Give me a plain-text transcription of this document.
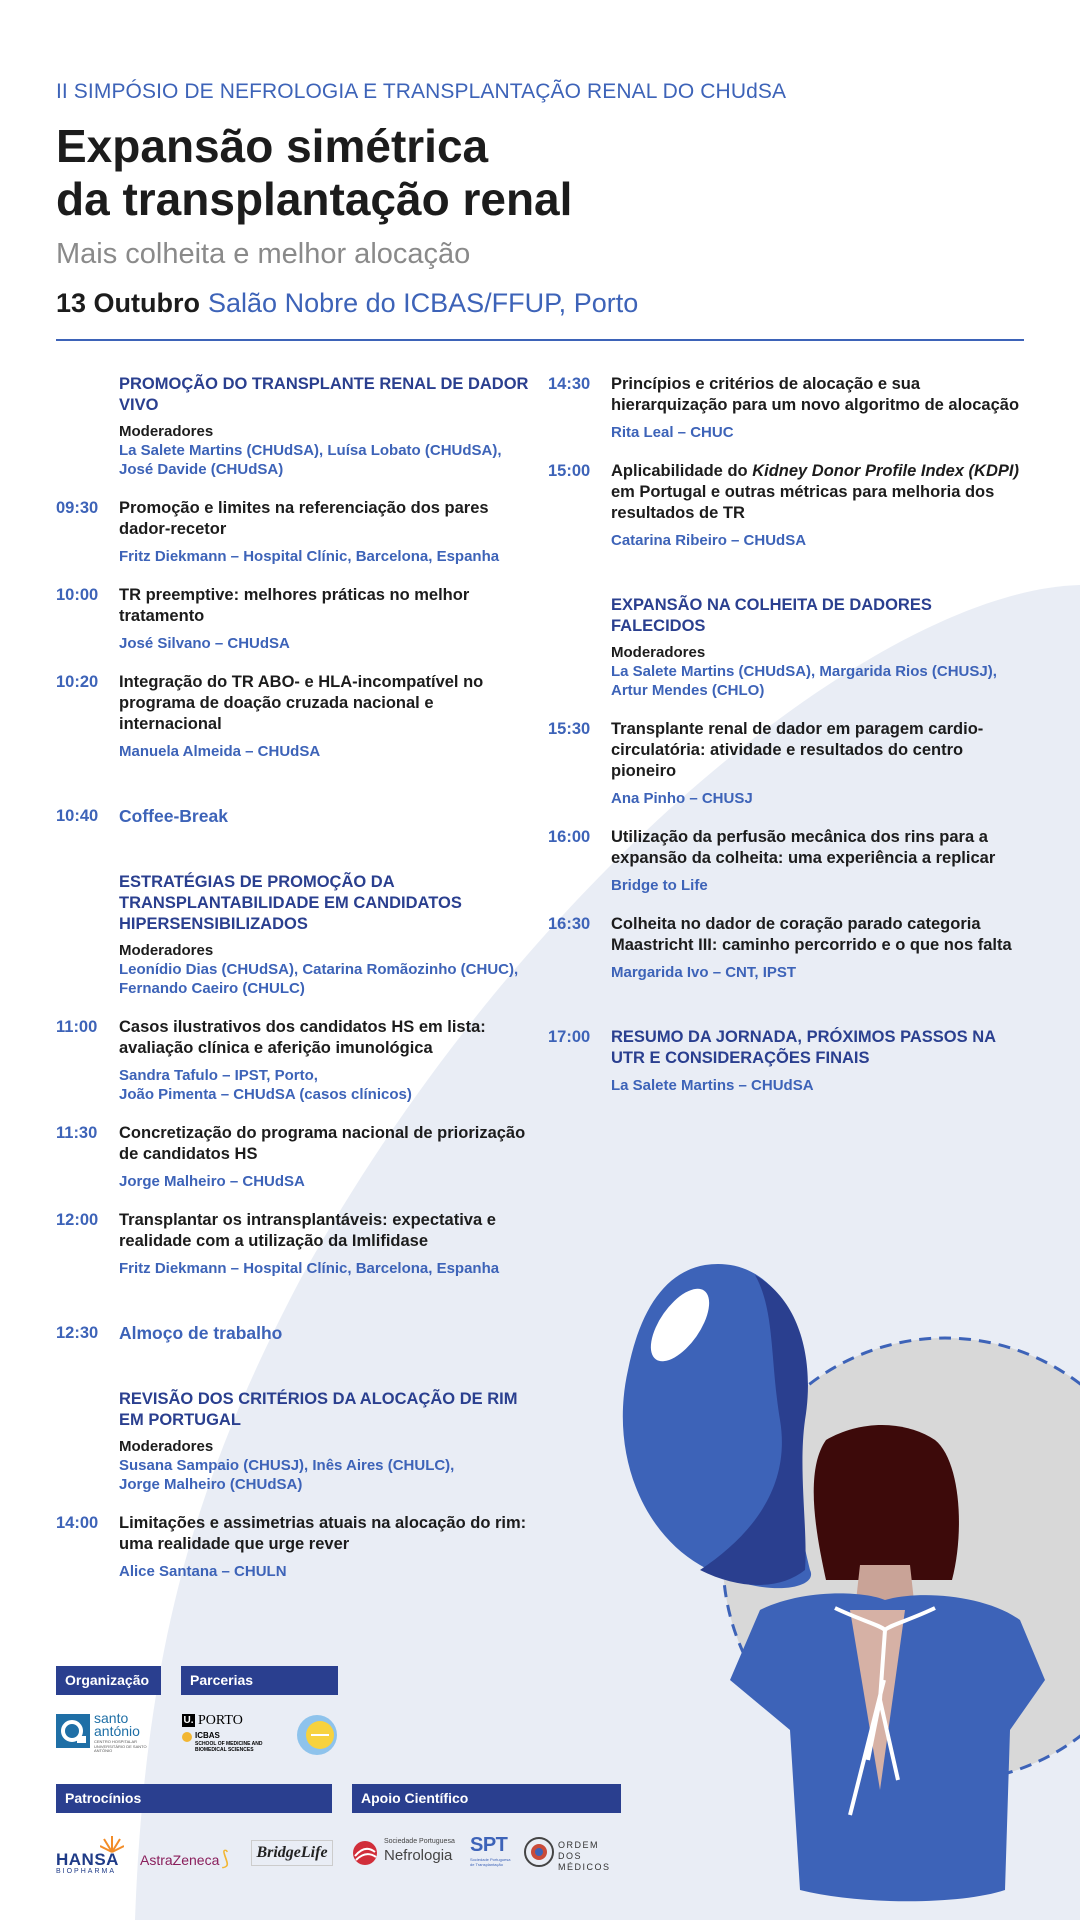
II SIMPÓSIO DE NEFROLOGIA E TRANSPLANTAÇÃO RENAL DO CHUdSA
Expansão simétrica
da transplantação renal
Mais colheita e melhor alocação
13 Outubro Salão Nobre do ICBAS/FFUP, Porto
PROMOÇÃO DO TRANSPLANTE RENAL DE DADOR VIVO
Moderadores
La Salete Martins (CHUdSA), Luísa Lobato (CHUdSA), José Davide (CHUdSA)
09:30 Promoção e limites na referenciação dos pares dador-recetor
Fritz Diekmann – Hospital Clínic, Barcelona, Espanha
10:00 TR preemptive: melhores práticas no melhor tratamento
José Silvano – CHUdSA
10:20 Integração do TR ABO- e HLA-incompatível no programa de doação cruzada nacional e internacional
Manuela Almeida – CHUdSA
10:40 Coffee-Break
ESTRATÉGIAS DE PROMOÇÃO DA TRANSPLANTABILIDADE EM CANDIDATOS HIPERSENSIBILIZADOS
Moderadores
Leonídio Dias (CHUdSA), Catarina Romãozinho (CHUC), Fernando Caeiro (CHULC)
11:00 Casos ilustrativos dos candidatos HS em lista: avaliação clínica e aferição imunológica
Sandra Tafulo – IPST, Porto,
João Pimenta – CHUdSA (casos clínicos)
11:30 Concretização do programa nacional de priorização de candidatos HS
Jorge Malheiro – CHUdSA
12:00 Transplantar os intransplantáveis: expectativa e realidade com a utilização da Imlifidase
Fritz Diekmann – Hospital Clínic, Barcelona, Espanha
12:30 Almoço de trabalho
REVISÃO DOS CRITÉRIOS DA ALOCAÇÃO DE RIM EM PORTUGAL
Moderadores
Susana Sampaio (CHUSJ), Inês Aires (CHULC),
Jorge Malheiro (CHUdSA)
14:00 Limitações e assimetrias atuais na alocação do rim: uma realidade que urge rever
Alice Santana – CHULN
14:30 Princípios e critérios de alocação e sua hierarquização para um novo algoritmo de alocação
Rita Leal – CHUC
15:00 Aplicabilidade do Kidney Donor Profile Index (KDPI) em Portugal e outras métricas para melhoria dos resultados de TR
Catarina Ribeiro – CHUdSA
EXPANSÃO NA COLHEITA DE DADORES FALECIDOS
Moderadores
La Salete Martins (CHUdSA), Margarida Rios (CHUSJ), Artur Mendes (CHLO)
15:30 Transplante renal de dador em paragem cardio-circulatória: atividade e resultados do centro pioneiro
Ana Pinho – CHUSJ
16:00 Utilização da perfusão mecânica dos rins para a expansão da colheita: uma experiência a replicar
Bridge to Life
16:30 Colheita no dador de coração parado categoria Maastricht III: caminho percorrido e o que nos falta
Margarida Ivo – CNT, IPST
17:00 RESUMO DA JORNADA, PRÓXIMOS PASSOS NA UTR E CONSIDERAÇÕES FINAIS
La Salete Martins – CHUdSA
Organização	Parcerias
Patrocínios	Apoio Científico
santo
antónio
CENTRO HOSPITALAR UNIVERSITÁRIO DE SANTO ANTÓNIO
U. PORTO
ICBAS
SCHOOL OF MEDICINE AND BIOMEDICAL SCIENCES
HANSA
BIOPHARMA
AstraZeneca ⟆	BridgeLife
Sociedade Portuguesa
Nefrologia SPT
Sociedade Portuguesa de Transplantação
ORDEM DOS
MÉDICOS
